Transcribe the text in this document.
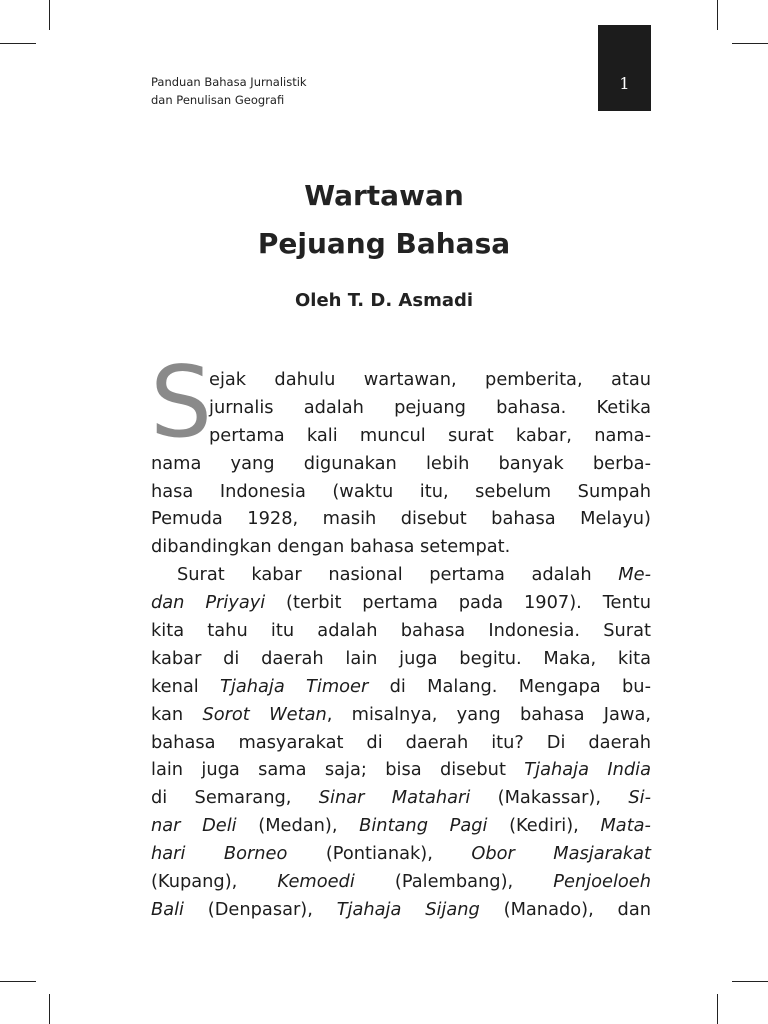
Panduan Bahasa Jurnalistik
dan Penulisan Geografi
1
Wartawan
Pejuang Bahasa
Oleh T. D. Asmadi
S
ejak dahulu wartawan, pemberita, atau
jurnalis adalah pejuang bahasa. Ketika
pertama kali muncul surat kabar, nama-
nama yang digunakan lebih banyak berba-
hasa Indonesia (waktu itu, sebelum Sumpah
Pemuda 1928, masih disebut bahasa Melayu)
dibandingkan dengan bahasa setempat.
Surat kabar nasional pertama adalah Me-
dan Priyayi (terbit pertama pada 1907). Tentu
kita tahu itu adalah bahasa Indonesia. Surat
kabar di daerah lain juga begitu. Maka, kita
kenal Tjahaja Timoer di Malang. Mengapa bu-
kan Sorot Wetan, misalnya, yang bahasa Jawa,
bahasa masyarakat di daerah itu? Di daerah
lain juga sama saja; bisa disebut Tjahaja India
di Semarang, Sinar Matahari (Makassar), Si-
nar Deli (Medan), Bintang Pagi (Kediri), Mata-
hari Borneo (Pontianak), Obor Masjarakat
(Kupang), Kemoedi (Palembang), Penjoeloeh
Bali (Denpasar), Tjahaja Sijang (Manado), dan
